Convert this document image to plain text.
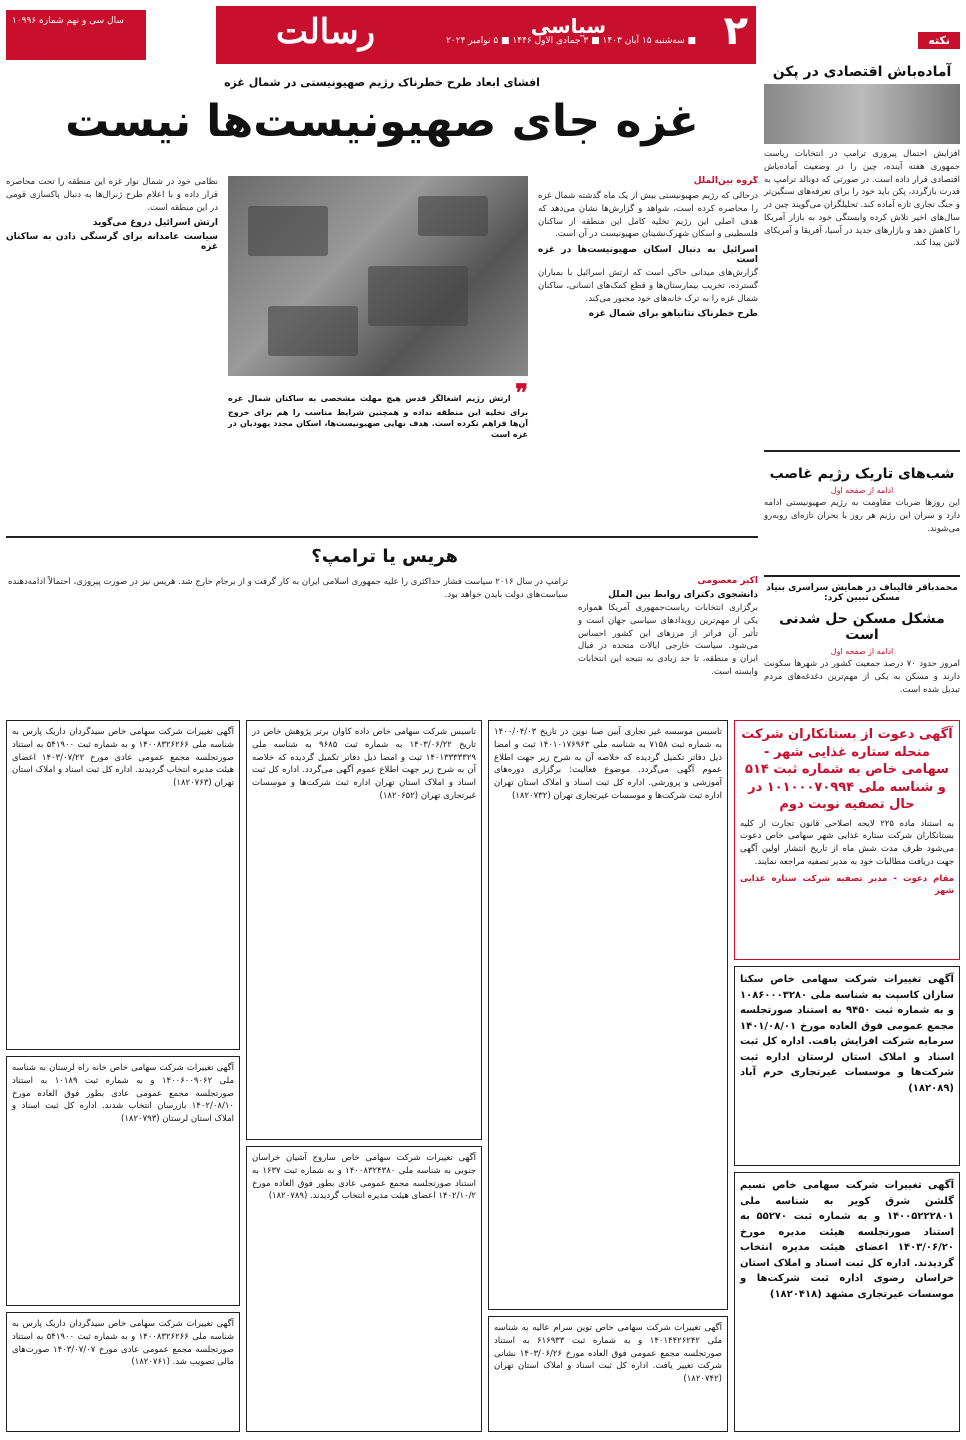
۲
سیاسی
■ سه‌شنبه ۱۵ آبان ۱۴۰۳ ■ ۳ جمادی الاول ۱۴۴۶ ■ ۵ نوامبر ۲۰۲۴
رسالت
سال سی و نهم شماره ۱۰۹۹۶
نکته
آماده‌باش اقتصادی در پکن

افزایش احتمال پیروزی ترامپ در انتخابات ریاست جمهوری هفته آینده، چین را در وضعیت آماده‌باش اقتصادی قرار داده است. در صورتی که دونالد ترامپ به قدرت بازگردد، پکن باید خود را برای تعرفه‌های سنگین‌تر و جنگ تجاری تازه آماده کند. تحلیلگران می‌گویند چین در سال‌های اخیر تلاش کرده وابستگی خود به بازار آمریکا را کاهش دهد و بازارهای جدید در آسیا، آفریقا و آمریکای لاتین پیدا کند.

شب‌های تاریک رژیم غاصب
ادامه از صفحه اول

این روزها ضربات مقاومت به رژیم صهیونیستی ادامه دارد و سران این رژیم هر روز با بحران تازه‌ای روبه‌رو می‌شوند.

محمدباقر قالیباف در همایش سراسری بنیاد مسکن تبیین کرد:
مشکل مسکن حل شدنی است
ادامه از صفحه اول

امروز حدود ۷۰ درصد جمعیت کشور در شهرها سکونت دارند و مسکن به یکی از مهم‌ترین دغدغه‌های مردم تبدیل شده است.

افشای ابعاد طرح خطرناک رژیم صهیونیستی در شمال غزه
غزه جای صهیونیست‌ها نیست
گروه بین‌الملل

درحالی که رژیم صهیونیستی بیش از یک ماه گذشته شمال غزه را محاصره کرده است، شواهد و گزارش‌ها نشان می‌دهد که هدف اصلی این رژیم تخلیه کامل این منطقه از ساکنان فلسطینی و اسکان شهرک‌نشینان صهیونیست در آن است.

اسرائیل به دنبال اسکان صهیونیست‌ها در غزه است

گزارش‌های میدانی حاکی است که ارتش اسرائیل با بمباران گسترده، تخریب بیمارستان‌ها و قطع کمک‌های انسانی، ساکنان شمال غزه را به ترک خانه‌های خود مجبور می‌کند.

طرح خطرناک نتانیاهو برای شمال غزه
❞ ارتش رژیم اشغالگر قدس هیچ مهلت مشخصی به ساکنان شمال غزه برای تخلیه این منطقه نداده و همچنین شرایط مناسب را هم برای خروج آن‌ها فراهم نکرده است. هدف نهایی صهیونیست‌ها، اسکان مجدد یهودیان در غزه است

نظامی خود در شمال نوار غزه این منطقه را تحت محاصره قرار داده و با اعلام طرح ژنرال‌ها به دنبال پاکسازی قومی در این منطقه است.

ارتش اسرائیل دروغ می‌گوید
سیاست عامدانه برای گرسنگی دادن به ساکنان غزه
هریس یا ترامپ؟
اکبر معصومی
دانشجوی دکترای روابط بین الملل

برگزاری انتخابات ریاست‌جمهوری آمریکا همواره یکی از مهم‌ترین رویدادهای سیاسی جهان است و تأثیر آن فراتر از مرزهای این کشور احساس می‌شود. سیاست خارجی ایالات متحده در قبال ایران و منطقه، تا حد زیادی به نتیجه این انتخابات وابسته است.

ترامپ در سال ۲۰۱۶ سیاست فشار حداکثری را علیه جمهوری اسلامی ایران به کار گرفت و از برجام خارج شد. هریس نیز در صورت پیروزی، احتمالاً ادامه‌دهنده سیاست‌های دولت بایدن خواهد بود.

آگهی دعوت از بستانکاران شرکت منحله ستاره غذایی شهر - سهامی خاص به شماره ثبت ۵۱۴ و شناسه ملی ۱۰۱۰۰۰۷۰۹۹۴ در حال تصفیه نوبت دوم

به استناد ماده ۲۲۵ لایحه اصلاحی قانون تجارت از کلیه بستانکاران شرکت ستاره غذایی شهر سهامی خاص دعوت می‌شود ظرف مدت شش ماه از تاریخ انتشار اولین آگهی جهت دریافت مطالبات خود به مدیر تصفیه مراجعه نمایند.

مقام دعوت - مدیر تصفیه شرکت ستاره غذایی شهر

آگهی تغییرات شرکت سهامی خاص سکنا سازان کاسپت به شناسه ملی ۱۰۸۶۰۰۰۳۲۸۰ و به شماره ثبت ۹۴۵۰ به استناد صورتجلسه مجمع عمومی فوق العاده مورخ ۱۴۰۱/۰۸/۰۱ سرمایه شرکت افزایش یافت. اداره کل ثبت اسناد و املاک استان لرستان اداره ثبت شرکت‌ها و موسسات غیرتجاری خرم آباد (۱۸۲۰۸۹)

آگهی تغییرات شرکت سهامی خاص نسیم گلشن شرق کویر به شناسه ملی ۱۴۰۰۵۲۲۲۸۰۱ و به شماره ثبت ۵۵۲۷۰ به استناد صورتجلسه هیئت مدیره مورخ ۱۴۰۳/۰۶/۲۰ اعضای هیئت مدیره انتخاب گردیدند. اداره کل ثبت اسناد و املاک استان خراسان رضوی اداره ثبت شرکت‌ها و موسسات غیرتجاری مشهد (۱۸۲۰۴۱۸)

تاسیس موسسه غیر تجاری آیین صبا نوین در تاریخ ۱۴۰۰/۰۴/۰۳ به شماره ثبت ۷۱۵۸ به شناسه ملی ۱۴۰۱۰۱۷۶۹۶۳ ثبت و امضا ذیل دفاتر تکمیل گردیده که خلاصه آن به شرح زیر جهت اطلاع عموم آگهی می‌گردد. موضوع فعالیت: برگزاری دوره‌های آموزشی و پرورشی. اداره کل ثبت اسناد و املاک استان تهران اداره ثبت شرکت‌ها و موسسات غیرتجاری تهران (۱۸۲۰۷۳۲)

آگهی تغییرات شرکت سهامی خاص توین سرام عالیه به شناسه ملی ۱۴۰۱۴۴۲۶۲۴۲ و به شماره ثبت ۶۱۶۹۳۳ به استناد صورتجلسه مجمع عمومی فوق العاده مورخ ۱۴۰۳/۰۶/۲۶ نشانی شرکت تغییر یافت. اداره کل ثبت اسناد و املاک استان تهران (۱۸۲۰۷۴۲)

تاسیس شرکت سهامی خاص داده کاوان برتر پژوهش خاص در تاریخ ۱۴۰۳/۰۶/۲۲ به شماره ثبت ۹۶۸۵ به شناسه ملی ۱۴۰۱۳۳۳۳۳۲۹ ثبت و امضا ذیل دفاتر تکمیل گردیده که خلاصه آن به شرح زیر جهت اطلاع عموم آگهی می‌گردد. اداره کل ثبت اسناد و املاک استان تهران اداره ثبت شرکت‌ها و موسسات غیرتجاری تهران (۱۸۲۰۶۵۲)

آگهی تغییرات شرکت سهامی خاص ساروج آشیان خراسان جنوبی به شناسه ملی ۱۴۰۰۸۳۲۴۳۸۰ و به شماره ثبت ۱۶۳۷ به استناد صورتجلسه مجمع عمومی عادی بطور فوق العاده مورخ ۱۴۰۲/۱۰/۲ اعضای هیئت مدیره انتخاب گردیدند. (۱۸۲۰۷۸۹)

آگهی تغییرات شرکت سهامی خاص سیدگردان داریک پارس به شناسه ملی ۱۴۰۰۸۳۲۶۲۶۶ و به شماره ثبت ۵۴۱۹۰۰ به استناد صورتجلسه مجمع عمومی عادی مورخ ۱۴۰۳/۰۷/۲۲ اعضای هیئت مدیره انتخاب گردیدند. اداره کل ثبت اسناد و املاک استان تهران (۱۸۲۰۷۶۳)

آگهی تغییرات شرکت سهامی خاص خانه راه لرستان به شناسه ملی ۱۴۰۰۶۰۰۹۰۶۲ و به شماره ثبت ۱۰۱۸۹ به استناد صورتجلسه مجمع عمومی عادی بطور فوق العاده مورخ ۱۴۰۲/۰۸/۱۰ بازرسان انتخاب شدند. اداره کل ثبت اسناد و املاک استان لرستان (۱۸۲۰۷۹۳)

آگهی تغییرات شرکت سهامی خاص سیدگردان داریک پارس به شناسه ملی ۱۴۰۰۸۳۲۶۲۶۶ و به شماره ثبت ۵۴۱۹۰۰ به استناد صورتجلسه مجمع عمومی عادی مورخ ۱۴۰۳/۰۷/۰۷ صورت‌های مالی تصویب شد. (۱۸۲۰۷۶۱)
